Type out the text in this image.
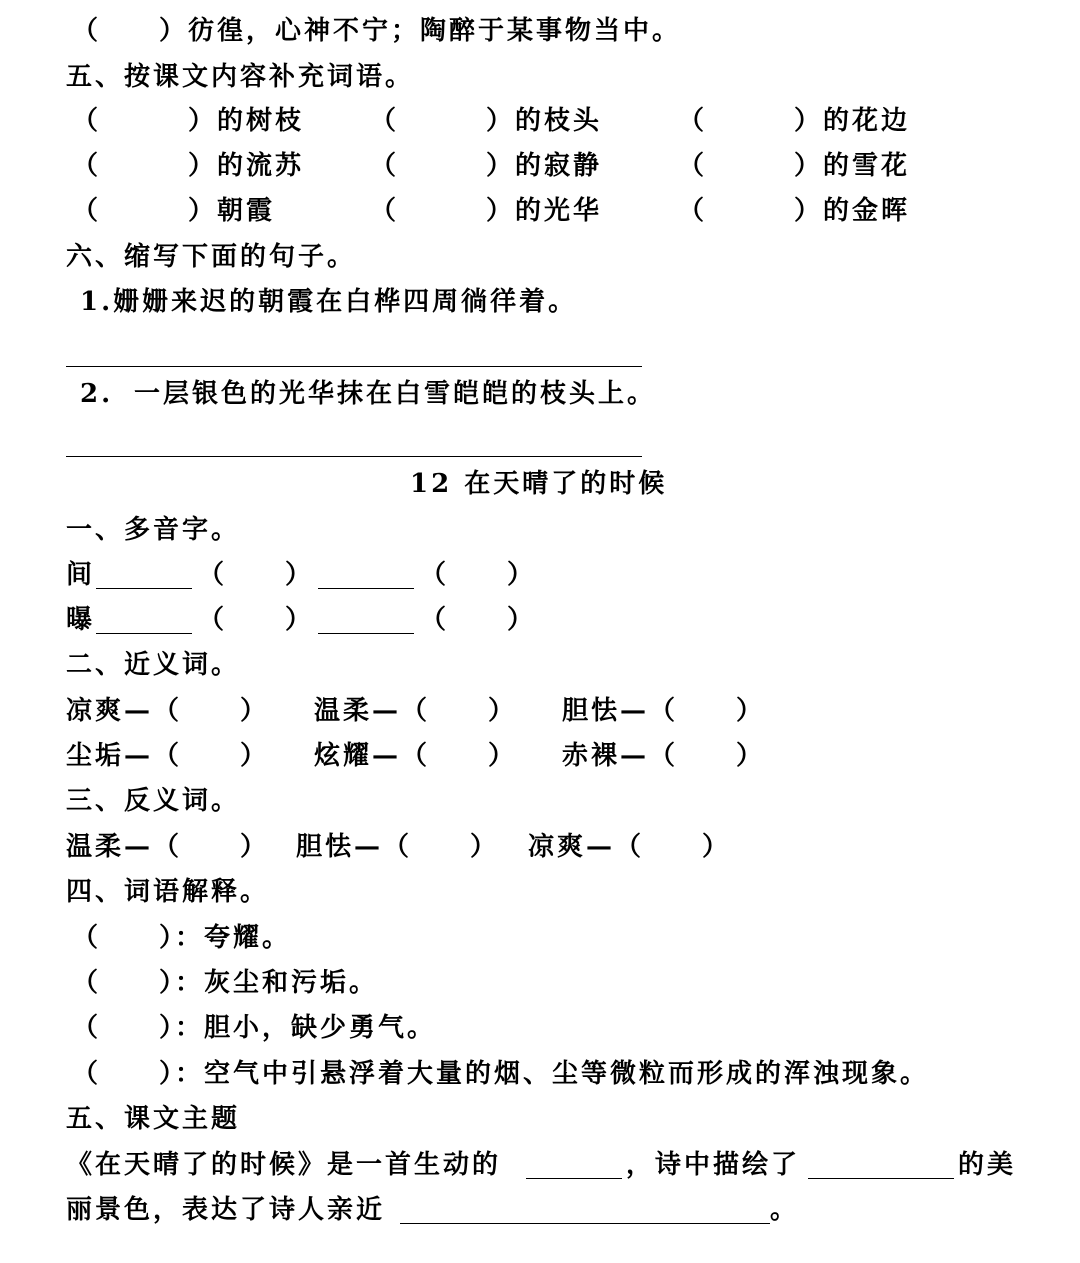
（　　）彷徨，心神不宁；陶醉于某事物当中。
五、按课文内容补充词语。
（　　　）的树枝	（　　　）的枝头	（　　　）的花边
（　　　）的流苏	（　　　）的寂静	（　　　）的雪花
（　　　）朝霞	（　　　）的光华	（　　　）的金晖
六、缩写下面的句子。
1.姗姗来迟的朝霞在白桦四周徜徉着。
2. 一层银色的光华抹在白雪皑皑的枝头上。
12 在天晴了的时候
一、多音字。
间	（　　）	（　　）
曝	（　　）	（　　）
二、近义词。
凉爽—（　　） 温柔—（　　） 胆怯—（　　）
尘垢—（　　） 炫耀—（　　） 赤裸—（　　）
三、反义词。
温柔—（　　） 胆怯—（　　） 凉爽—（　　）
四、词语解释。
（　　）：夸耀。
（　　）：灰尘和污垢。
（　　）：胆小，缺少勇气。
（　　）：空气中引悬浮着大量的烟、尘等微粒而形成的浑浊现象。
五、课文主题
《在天晴了的时候》是一首生动的	，诗中描绘了	的美
丽景色，表达了诗人亲近	。
